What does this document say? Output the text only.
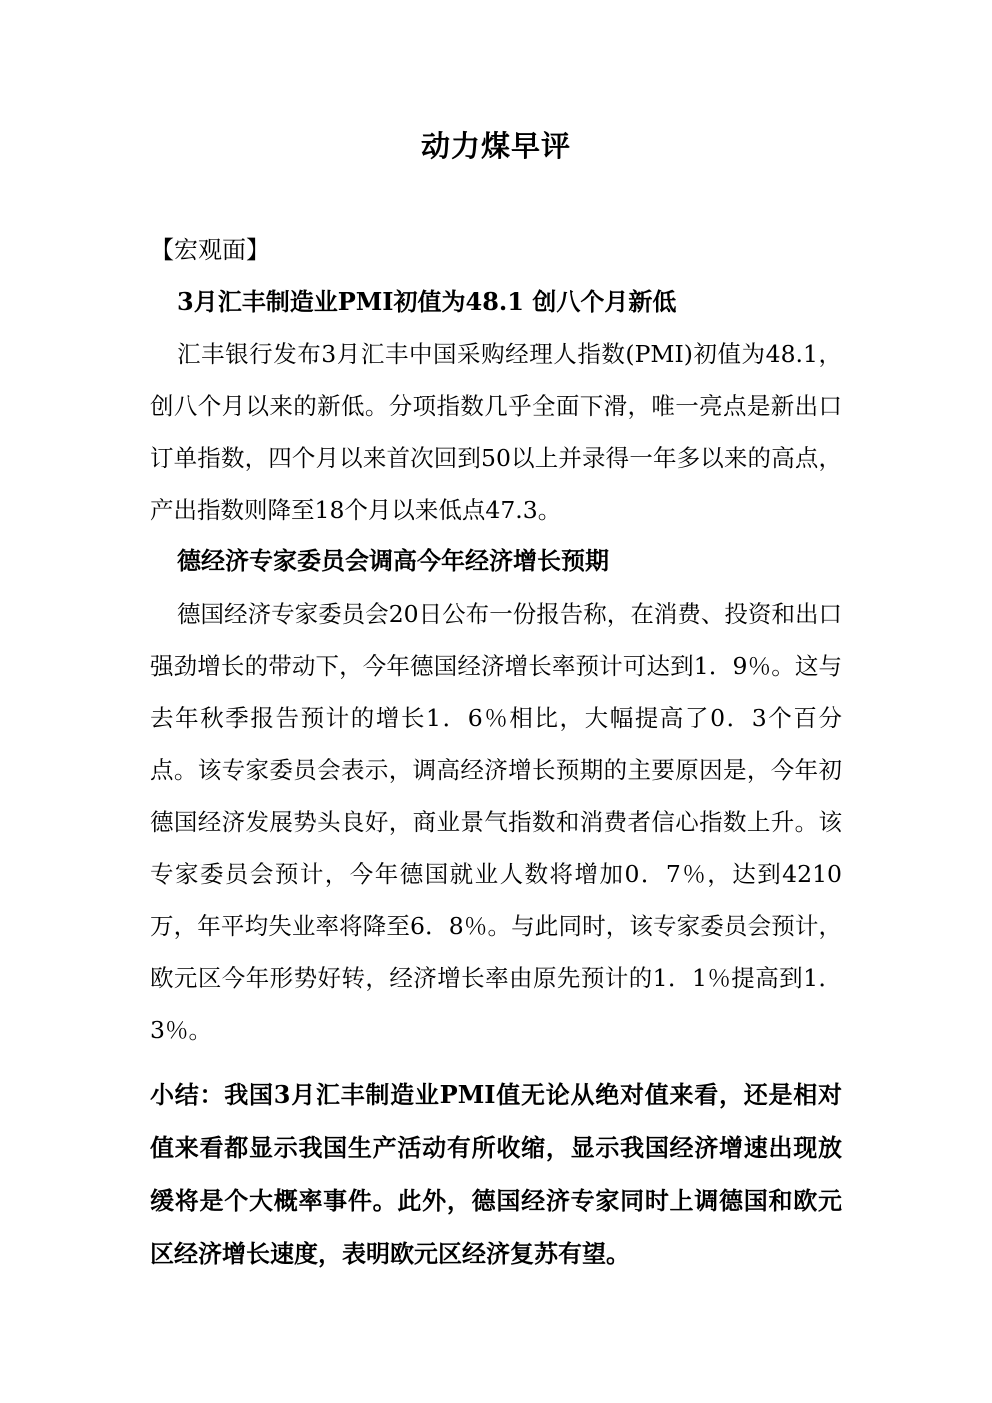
动力煤早评
【宏观面】
3月汇丰制造业PMI初值为48.1 创八个月新低

汇丰银行发布3月汇丰中国采购经理人指数(PMI)初值为48.1，创八个月以来的新低。分项指数几乎全面下滑，唯一亮点是新出口订单指数，四个月以来首次回到50以上并录得一年多以来的高点，产出指数则降至18个月以来低点47.3。

德经济专家委员会调高今年经济增长预期

德国经济专家委员会20日公布一份报告称，在消费、投资和出口强劲增长的带动下，今年德国经济增长率预计可达到1．9％。这与去年秋季报告预计的增长1．6％相比，大幅提高了0．3个百分点。该专家委员会表示，调高经济增长预期的主要原因是，今年初德国经济发展势头良好，商业景气指数和消费者信心指数上升。该专家委员会预计，今年德国就业人数将增加0．7％，达到4210万，年平均失业率将降至6．8％。与此同时，该专家委员会预计，欧元区今年形势好转，经济增长率由原先预计的1．1％提高到1．3％。

小结：我国3月汇丰制造业PMI值无论从绝对值来看，还是相对值来看都显示我国生产活动有所收缩，显示我国经济增速出现放缓将是个大概率事件。此外，德国经济专家同时上调德国和欧元区经济增长速度，表明欧元区经济复苏有望。
